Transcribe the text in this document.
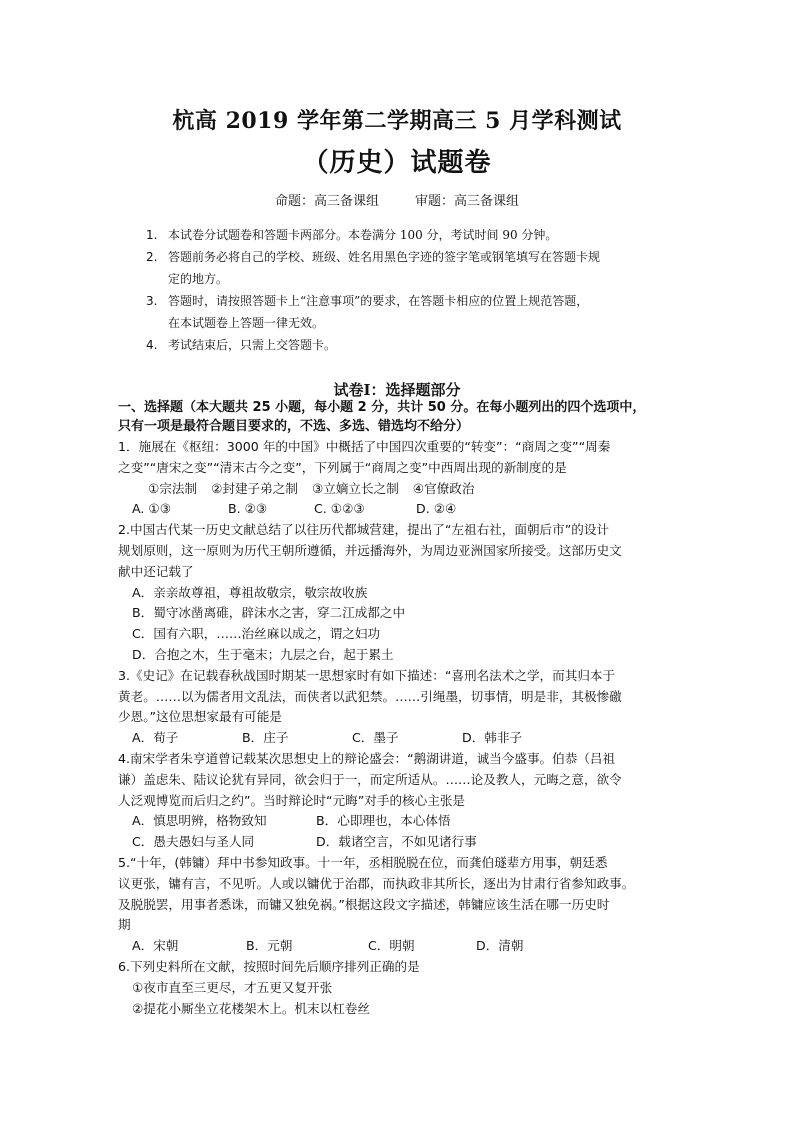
杭高 2019 学年第二学期高三 5 月学科测试
（历史）试题卷
命题：高三备课组	审题：高三备课组
1. 本试卷分试题卷和答题卡两部分。本卷满分 100 分，考试时间 90 分钟。
2. 答题前务必将自己的学校、班级、姓名用黑色字迹的签字笔或钢笔填写在答题卡规
定的地方。
3. 答题时，请按照答题卡上“注意事项”的要求，在答题卡相应的位置上规范答题，
在本试题卷上答题一律无效。
4. 考试结束后，只需上交答题卡。
试卷Ⅰ：选择题部分
一、选择题（本大题共 25 小题，每小题 2 分，共计 50 分。在每小题列出的四个选项中，
只有一项是最符合题目要求的，不选、多选、错选均不给分）
1．施展在《枢纽：3000 年的中国》中概括了中国四次重要的“转变”：“商周之变”“周秦
之变”“唐宋之变”“清末古今之变”，下列属于“商周之变”中西周出现的新制度的是
①宗法制 ②封建子弟之制 ③立嫡立长之制 ④官僚政治
A. ①③	B. ②③	C. ①②③	D. ②④
2.中国古代某一历史文献总结了以往历代都城营建，提出了“左祖右社，面朝后市”的设计
规划原则，这一原则为历代王朝所遵循，并远播海外，为周边亚洲国家所接受。这部历史文
献中还记载了
A．亲亲故尊祖，尊祖故敬宗，敬宗故收族
B．蜀守冰凿离碓，辟沫水之害，穿二江成都之中
C．国有六职，……治丝麻以成之，谓之妇功
D．合抱之木，生于毫末；九层之台，起于累土
3.《史记》在记载春秋战国时期某一思想家时有如下描述：“喜刑名法术之学，而其归本于
黄老。……以为儒者用文乱法，而侠者以武犯禁。……引绳墨，切事情，明是非，其极惨礉
少恩。”这位思想家最有可能是
A．荀子	B．庄子	C．墨子	D．韩非子
4.南宋学者朱亨道曾记载某次思想史上的辩论盛会：“鹅湖讲道，诚当今盛事。伯恭（吕祖
谦）盖虑朱、陆议论犹有异同，欲会归于一，而定所适从。……论及教人，元晦之意，欲令
人泛观博览而后归之约”。当时辩论时“元晦”对手的核心主张是
A．慎思明辨，格物致知	B．心即理也，本心体悟
C．愚夫愚妇与圣人同	D．载诸空言，不如见诸行事
5.“十年，(韩镛）拜中书参知政事。十一年，丞相脱脱在位，而龚伯璲辈方用事，朝廷悉
议更张，镛有言，不见听。人或以镛优于治郡，而执政非其所长，逐出为甘肃行省参知政事。
及脱脱罢，用事者悉诛，而镛又独免祸。”根据这段文字描述，韩镛应该生活在哪一历史时
期
A．宋朝	B．元朝	C．明朝	D．清朝
6.下列史料所在文献，按照时间先后顺序排列正确的是
①夜市直至三更尽，才五更又复开张
②提花小厮坐立花楼架木上。机末以杠卷丝
